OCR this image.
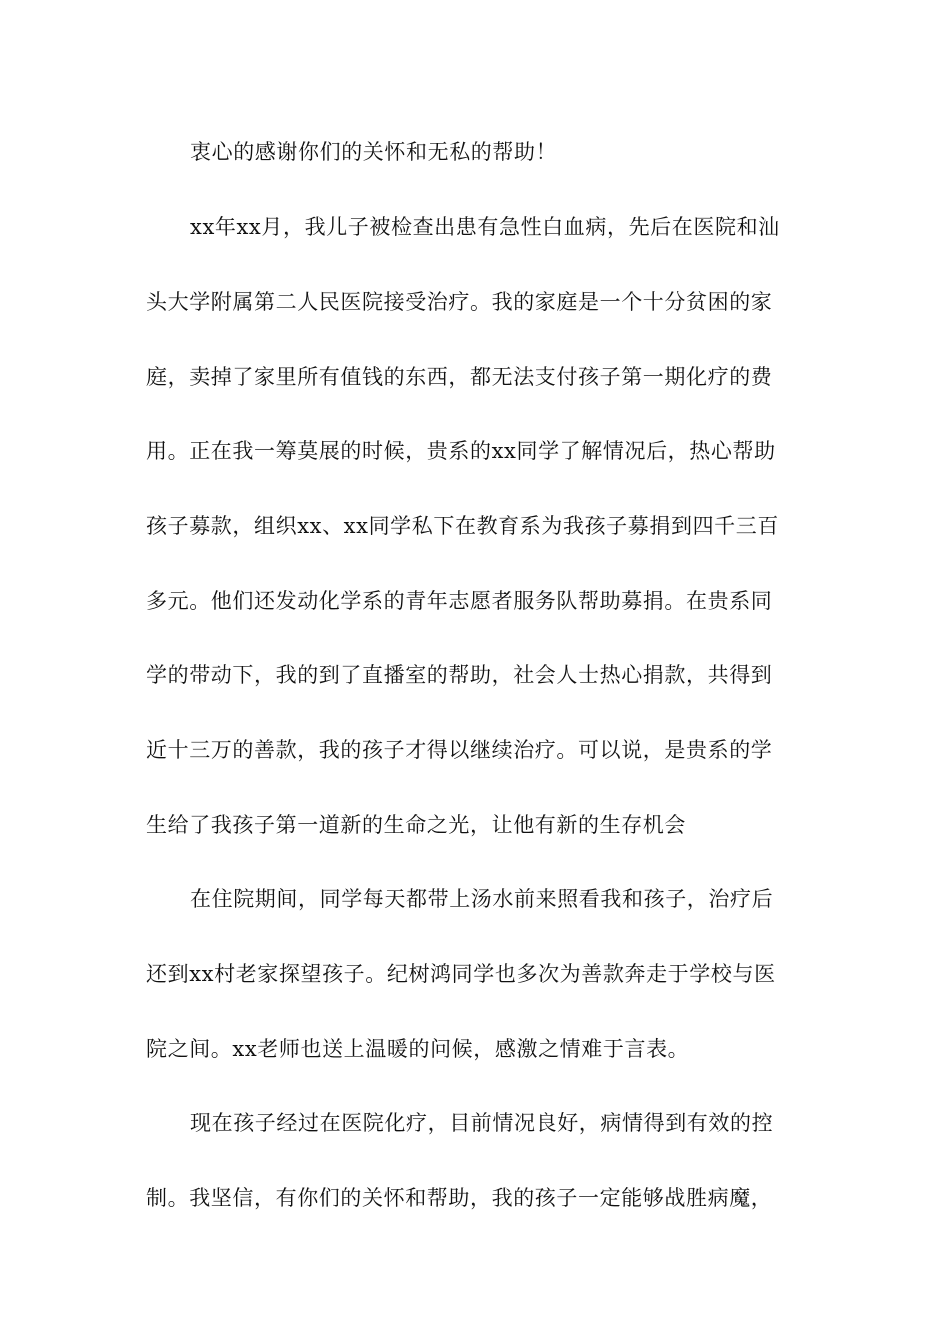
衷心的感谢你们的关怀和无私的帮助！
xx年xx月，我儿子被检查出患有急性白血病，先后在医院和汕
头大学附属第二人民医院接受治疗。我的家庭是一个十分贫困的家
庭，卖掉了家里所有值钱的东西，都无法支付孩子第一期化疗的费
用。正在我一筹莫展的时候，贵系的xx同学了解情况后，热心帮助
孩子募款，组织xx、xx同学私下在教育系为我孩子募捐到四千三百
多元。他们还发动化学系的青年志愿者服务队帮助募捐。在贵系同
学的带动下，我的到了直播室的帮助，社会人士热心捐款，共得到
近十三万的善款，我的孩子才得以继续治疗。可以说，是贵系的学
生给了我孩子第一道新的生命之光，让他有新的生存机会
在住院期间，同学每天都带上汤水前来照看我和孩子，治疗后
还到xx村老家探望孩子。纪树鸿同学也多次为善款奔走于学校与医
院之间。xx老师也送上温暖的问候，感激之情难于言表。
现在孩子经过在医院化疗，目前情况良好，病情得到有效的控
制。我坚信，有你们的关怀和帮助，我的孩子一定能够战胜病魔，
